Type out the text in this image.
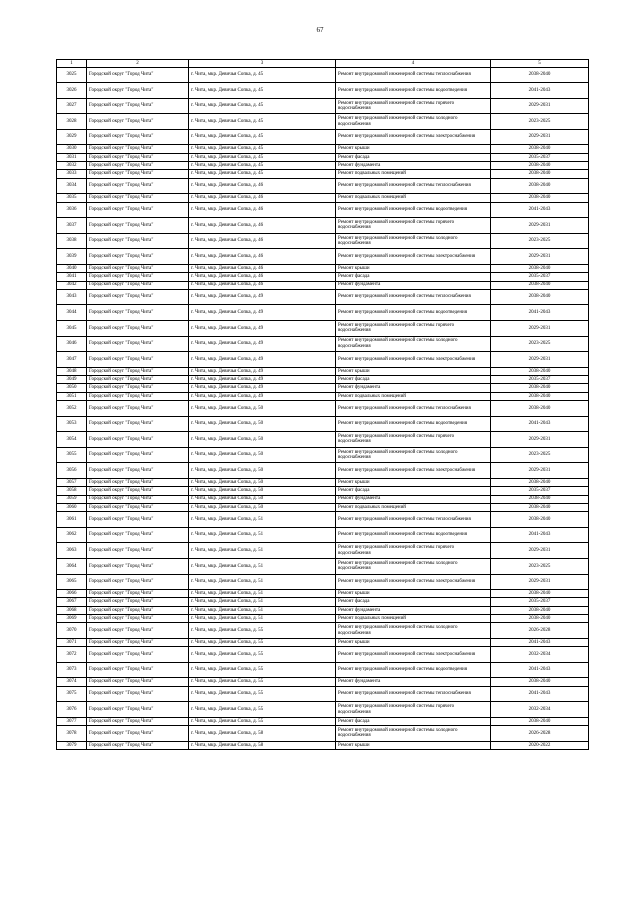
67
1	2	3	4	5
3025	Городской округ "Город Чита"	г. Чита, мкр. Девичья Сопка, д. 45	Ремонт внутридомовой инженерной системы теплоснабжения	2038-2040
3026	Городской округ "Город Чита"	г. Чита, мкр. Девичья Сопка, д. 45	Ремонт внутридомовой инженерной системы водоотведения	2041-2043
3027	Городской округ "Город Чита"	г. Чита, мкр. Девичья Сопка, д. 45	Ремонт внутридомовой инженерной системы горячего водоснабжения	2029-2031
3028	Городской округ "Город Чита"	г. Чита, мкр. Девичья Сопка, д. 45	Ремонт внутридомовой инженерной системы холодного водоснабжения	2023-2025
3029	Городской округ "Город Чита"	г. Чита, мкр. Девичья Сопка, д. 45	Ремонт внутридомовой инженерной системы электроснабжения	2029-2031
3030	Городской округ "Город Чита"	г. Чита, мкр. Девичья Сопка, д. 45	Ремонт крыши	2038-2040
3031	Городской округ "Город Чита"	г. Чита, мкр. Девичья Сопка, д. 45	Ремонт фасада	2035-2037
3032	Городской округ "Город Чита"	г. Чита, мкр. Девичья Сопка, д. 45	Ремонт фундамента	2038-2040
3033	Городской округ "Город Чита"	г. Чита, мкр. Девичья Сопка, д. 45	Ремонт подвальных помещений	2038-2040
3034	Городской округ "Город Чита"	г. Чита, мкр. Девичья Сопка, д. 46	Ремонт внутридомовой инженерной системы теплоснабжения	2038-2040
3035	Городской округ "Город Чита"	г. Чита, мкр. Девичья Сопка, д. 46	Ремонт подвальных помещений	2038-2040
3036	Городской округ "Город Чита"	г. Чита, мкр. Девичья Сопка, д. 46	Ремонт внутридомовой инженерной системы водоотведения	2041-2043
3037	Городской округ "Город Чита"	г. Чита, мкр. Девичья Сопка, д. 46	Ремонт внутридомовой инженерной системы горячего водоснабжения	2029-2031
3038	Городской округ "Город Чита"	г. Чита, мкр. Девичья Сопка, д. 46	Ремонт внутридомовой инженерной системы холодного водоснабжения	2023-2025
3039	Городской округ "Город Чита"	г. Чита, мкр. Девичья Сопка, д. 46	Ремонт внутридомовой инженерной системы электроснабжения	2029-2031
3040	Городской округ "Город Чита"	г. Чита, мкр. Девичья Сопка, д. 46	Ремонт крыши	2038-2040
3041	Городской округ "Город Чита"	г. Чита, мкр. Девичья Сопка, д. 46	Ремонт фасада	2035-2037
3042	Городской округ "Город Чита"	г. Чита, мкр. Девичья Сопка, д. 46	Ремонт фундамента	2038-2040
3043	Городской округ "Город Чита"	г. Чита, мкр. Девичья Сопка, д. 49	Ремонт внутридомовой инженерной системы теплоснабжения	2038-2040
3044	Городской округ "Город Чита"	г. Чита, мкр. Девичья Сопка, д. 49	Ремонт внутридомовой инженерной системы водоотведения	2041-2043
3045	Городской округ "Город Чита"	г. Чита, мкр. Девичья Сопка, д. 49	Ремонт внутридомовой инженерной системы горячего водоснабжения	2029-2031
3046	Городской округ "Город Чита"	г. Чита, мкр. Девичья Сопка, д. 49	Ремонт внутридомовой инженерной системы холодного водоснабжения	2023-2025
3047	Городской округ "Город Чита"	г. Чита, мкр. Девичья Сопка, д. 49	Ремонт внутридомовой инженерной системы электроснабжения	2029-2031
3048	Городской округ "Город Чита"	г. Чита, мкр. Девичья Сопка, д. 49	Ремонт крыши	2038-2040
3049	Городской округ "Город Чита"	г. Чита, мкр. Девичья Сопка, д. 49	Ремонт фасада	2035-2037
3050	Городской округ "Город Чита"	г. Чита, мкр. Девичья Сопка, д. 49	Ремонт фундамента	2038-2040
3051	Городской округ "Город Чита"	г. Чита, мкр. Девичья Сопка, д. 49	Ремонт подвальных помещений	2038-2040
3052	Городской округ "Город Чита"	г. Чита, мкр. Девичья Сопка, д. 50	Ремонт внутридомовой инженерной системы теплоснабжения	2038-2040
3053	Городской округ "Город Чита"	г. Чита, мкр. Девичья Сопка, д. 50	Ремонт внутридомовой инженерной системы водоотведения	2041-2043
3054	Городской округ "Город Чита"	г. Чита, мкр. Девичья Сопка, д. 50	Ремонт внутридомовой инженерной системы горячего водоснабжения	2029-2031
3055	Городской округ "Город Чита"	г. Чита, мкр. Девичья Сопка, д. 50	Ремонт внутридомовой инженерной системы холодного водоснабжения	2023-2025
3056	Городской округ "Город Чита"	г. Чита, мкр. Девичья Сопка, д. 50	Ремонт внутридомовой инженерной системы электроснабжения	2029-2031
3057	Городской округ "Город Чита"	г. Чита, мкр. Девичья Сопка, д. 50	Ремонт крыши	2038-2040
3058	Городской округ "Город Чита"	г. Чита, мкр. Девичья Сопка, д. 50	Ремонт фасада	2035-2037
3059	Городской округ "Город Чита"	г. Чита, мкр. Девичья Сопка, д. 50	Ремонт фундамента	2038-2040
3060	Городской округ "Город Чита"	г. Чита, мкр. Девичья Сопка, д. 50	Ремонт подвальных помещений	2038-2040
3061	Городской округ "Город Чита"	г. Чита, мкр. Девичья Сопка, д. 51	Ремонт внутридомовой инженерной системы теплоснабжения	2038-2040
3062	Городской округ "Город Чита"	г. Чита, мкр. Девичья Сопка, д. 51	Ремонт внутридомовой инженерной системы водоотведения	2041-2043
3063	Городской округ "Город Чита"	г. Чита, мкр. Девичья Сопка, д. 51	Ремонт внутридомовой инженерной системы горячего водоснабжения	2029-2031
3064	Городской округ "Город Чита"	г. Чита, мкр. Девичья Сопка, д. 51	Ремонт внутридомовой инженерной системы холодного водоснабжения	2023-2025
3065	Городской округ "Город Чита"	г. Чита, мкр. Девичья Сопка, д. 51	Ремонт внутридомовой инженерной системы электроснабжения	2029-2031
3066	Городской округ "Город Чита"	г. Чита, мкр. Девичья Сопка, д. 51	Ремонт крыши	2038-2040
3067	Городской округ "Город Чита"	г. Чита, мкр. Девичья Сопка, д. 51	Ремонт фасада	2035-2037
3068	Городской округ "Город Чита"	г. Чита, мкр. Девичья Сопка, д. 51	Ремонт фундамента	2038-2040
3069	Городской округ "Город Чита"	г. Чита, мкр. Девичья Сопка, д. 51	Ремонт подвальных помещений	2038-2040
3070	Городской округ "Город Чита"	г. Чита, мкр. Девичья Сопка, д. 55	Ремонт внутридомовой инженерной системы холодного водоснабжения	2026-2028
3071	Городской округ "Город Чита"	г. Чита, мкр. Девичья Сопка, д. 55	Ремонт крыши	2041-2043
3072	Городской округ "Город Чита"	г. Чита, мкр. Девичья Сопка, д. 55	Ремонт внутридомовой инженерной системы электроснабжения	2032-2034
3073	Городской округ "Город Чита"	г. Чита, мкр. Девичья Сопка, д. 55	Ремонт внутридомовой инженерной системы водоотведения	2041-2043
3074	Городской округ "Город Чита"	г. Чита, мкр. Девичья Сопка, д. 55	Ремонт фундамента	2038-2040
3075	Городской округ "Город Чита"	г. Чита, мкр. Девичья Сопка, д. 55	Ремонт внутридомовой инженерной системы теплоснабжения	2041-2043
3076	Городской округ "Город Чита"	г. Чита, мкр. Девичья Сопка, д. 55	Ремонт внутридомовой инженерной системы горячего водоснабжения	2032-2034
3077	Городской округ "Город Чита"	г. Чита, мкр. Девичья Сопка, д. 55	Ремонт фасада	2038-2040
3078	Городской округ "Город Чита"	г. Чита, мкр. Девичья Сопка, д. 58	Ремонт внутридомовой инженерной системы холодного водоснабжения	2026-2028
3079	Городской округ "Город Чита"	г. Чита, мкр. Девичья Сопка, д. 58	Ремонт крыши	2020-2022
